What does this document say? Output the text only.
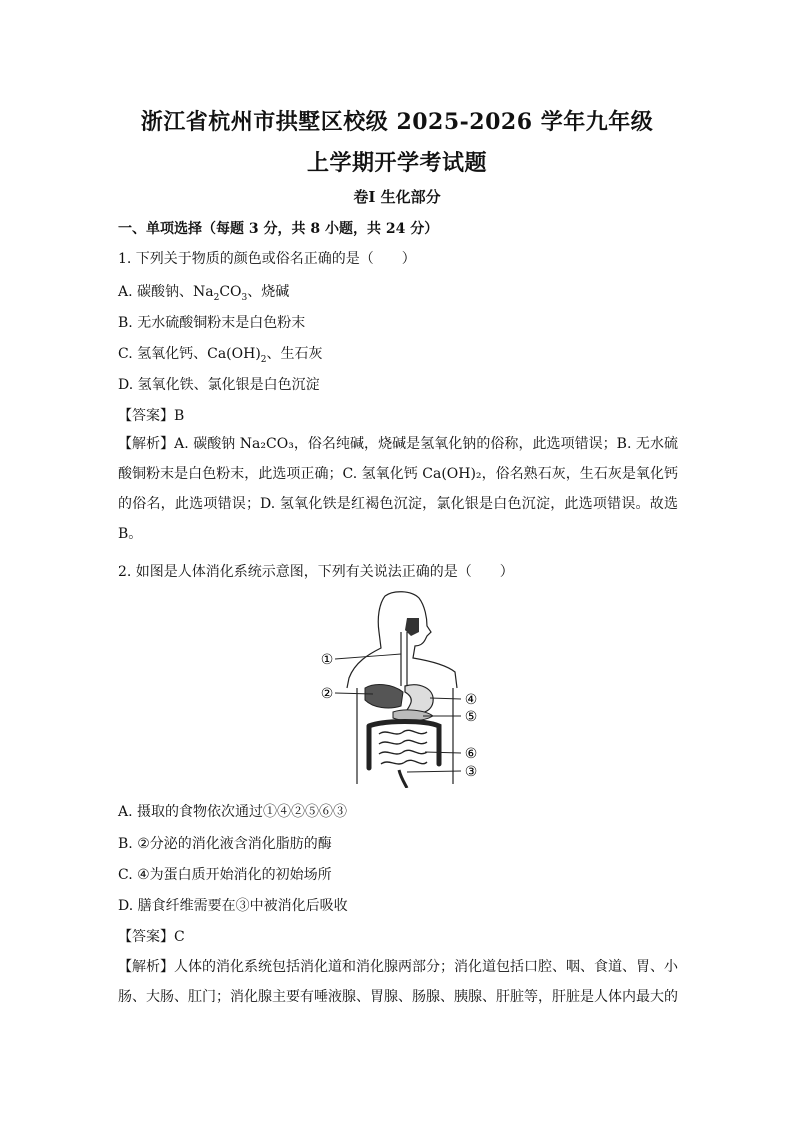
浙江省杭州市拱墅区校级 2025-2026 学年九年级
上学期开学考试题
卷Ⅰ 生化部分
一、单项选择（每题 3 分，共 8 小题，共 24 分）
1. 下列关于物质的颜色或俗名正确的是（　　）
A. 碳酸钠、$Na_2CO_3$、烧碱
B. 无水硫酸铜粉末是白色粉末
C. 氢氧化钙、$Ca(OH)_2$、生石灰
D. 氢氧化铁、氯化银是白色沉淀
【答案】B
【解析】A. 碳酸钠 Na₂CO₃，俗名纯碱，烧碱是氢氧化钠的俗称，此选项错误；B. 无水硫酸铜粉末是白色粉末，此选项正确；C. 氢氧化钙 Ca(OH)₂，俗名熟石灰，生石灰是氧化钙的俗名，此选项错误；D. 氢氧化铁是红褐色沉淀，氯化银是白色沉淀，此选项错误。故选 B。
2. 如图是人体消化系统示意图，下列有关说法正确的是（　　）
①
②	④
⑤
⑥
③
A. 摄取的食物依次通过①④②⑤⑥③
B. ②分泌的消化液含消化脂肪的酶
C. ④为蛋白质开始消化的初始场所
D. 膳食纤维需要在③中被消化后吸收
【答案】C
【解析】人体的消化系统包括消化道和消化腺两部分；消化道包括口腔、咽、食道、胃、小肠、大肠、肛门；消化腺主要有唾液腺、胃腺、肠腺、胰腺、肝脏等，肝脏是人体内最大的
